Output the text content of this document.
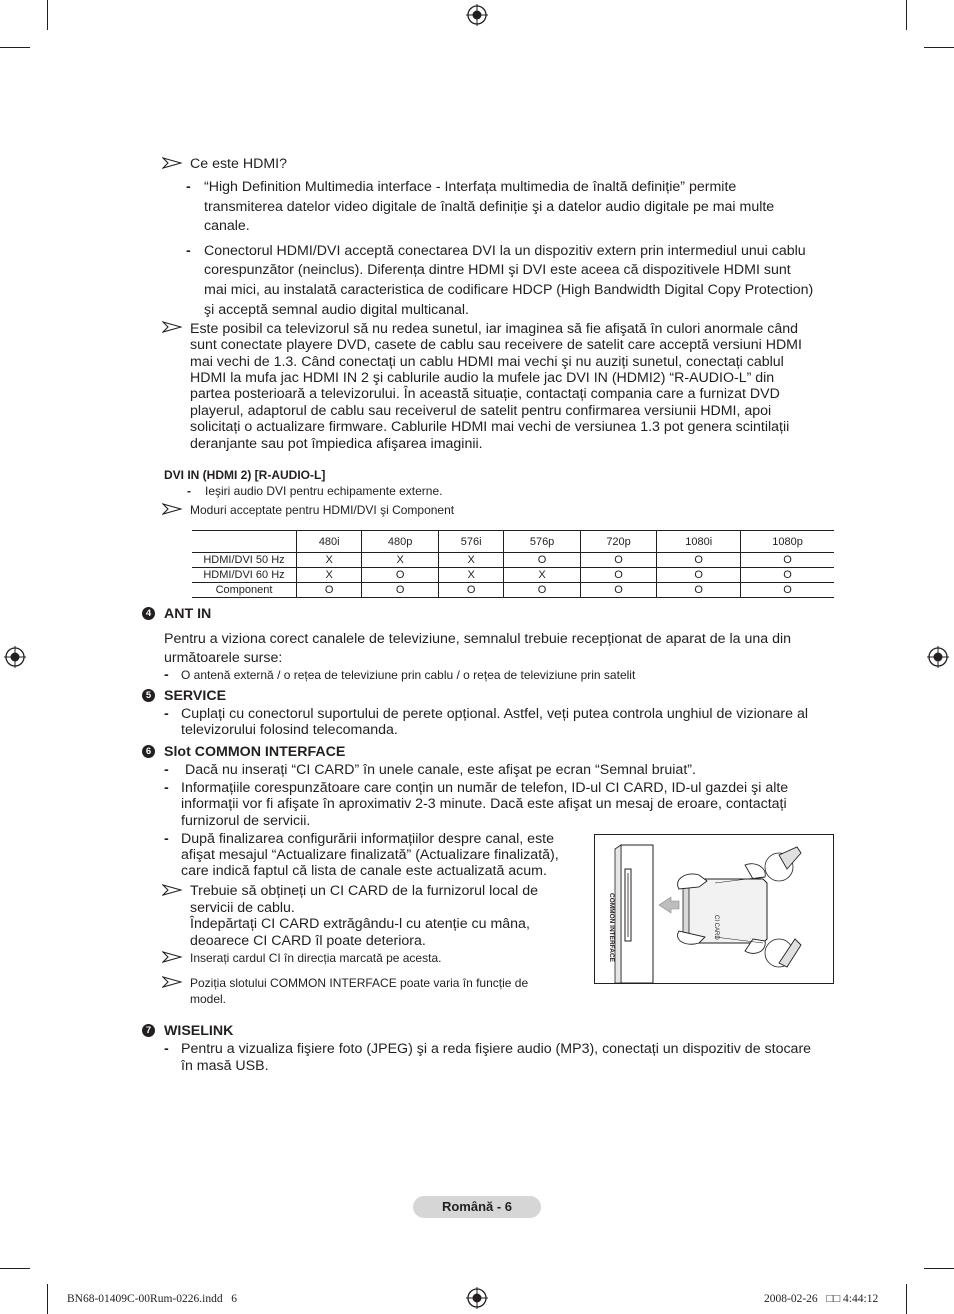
Ce este HDMI?
- “High Definition Multimedia interface - Interfața multimedia de înaltă definiție” permite
transmiterea datelor video digitale de înaltă definiție şi a datelor audio digitale pe mai multe
canale.
- Conectorul HDMI/DVI acceptă conectarea DVI la un dispozitiv extern prin intermediul unui cablu
corespunzător (neinclus). Diferența dintre HDMI şi DVI este aceea că dispozitivele HDMI sunt
mai mici, au instalată caracteristica de codificare HDCP (High Bandwidth Digital Copy Protection)
şi acceptă semnal audio digital multicanal.
Este posibil ca televizorul să nu redea sunetul, iar imaginea să fie afişată în culori anormale când
sunt conectate playere DVD, casete de cablu sau receivere de satelit care acceptă versiuni HDMI
mai vechi de 1.3. Când conectați un cablu HDMI mai vechi şi nu auziți sunetul, conectați cablul
HDMI la mufa jac HDMI IN 2 şi cablurile audio la mufele jac DVI IN (HDMI2) “R-AUDIO-L” din
partea posterioară a televizorului. În această situație, contactați compania care a furnizat DVD
playerul, adaptorul de cablu sau receiverul de satelit pentru confirmarea versiunii HDMI, apoi
solicitați o actualizare firmware. Cablurile HDMI mai vechi de versiunea 1.3 pot genera scintilații
deranjante sau pot împiedica afişarea imaginii.
DVI IN (HDMI 2) [R-AUDIO-L]
- Ieşiri audio DVI pentru echipamente externe.
Moduri acceptate pentru HDMI/DVI şi Component
	480i	480p	576i	576p	720p	1080i	1080p
HDMI/DVI 50 Hz	X	X	X	O	O	O	O
HDMI/DVI 60 Hz	X	O	X	X	O	O	O
Component	O	O	O	O	O	O	O
4 ANT IN
Pentru a viziona corect canalele de televiziune, semnalul trebuie recepționat de aparat de la una din
următoarele surse:
- O antenă externă / o rețea de televiziune prin cablu / o rețea de televiziune prin satelit
5 SERVICE
- Cuplați cu conectorul suportului de perete opțional. Astfel, veți putea controla unghiul de vizionare al
televizorului folosind telecomanda.
6 Slot COMMON INTERFACE
- Dacă nu inserați “CI CARD” în unele canale, este afişat pe ecran “Semnal bruiat”.
- Informațiile corespunzătoare care conțin un număr de telefon, ID-ul CI CARD, ID-ul gazdei şi alte
informații vor fi afişate în aproximativ 2-3 minute. Dacă este afişat un mesaj de eroare, contactați
furnizorul de servicii.
- După finalizarea configurării informațiilor despre canal, este
afişat mesajul “Actualizare finalizată” (Actualizare finalizată),
care indică faptul că lista de canale este actualizată acum.
Trebuie să obțineți un CI CARD de la furnizorul local de
servicii de cablu.
Îndepărtați CI CARD extrăgându-l cu atenție cu mâna,
deoarece CI CARD îl poate deteriora.
Inserați cardul CI în direcția marcată pe acesta.
Poziția slotului COMMON INTERFACE poate varia în funcție de
model.
COMMON INTERFACE	CI CARD
7 WISELINK
- Pentru a vizualiza fişiere foto (JPEG) şi a reda fişiere audio (MP3), conectați un dispozitiv de stocare
în masă USB.
Română - 6
BN68-01409C-00Rum-0226.indd   6	2008-02-26   □□ 4:44:12
